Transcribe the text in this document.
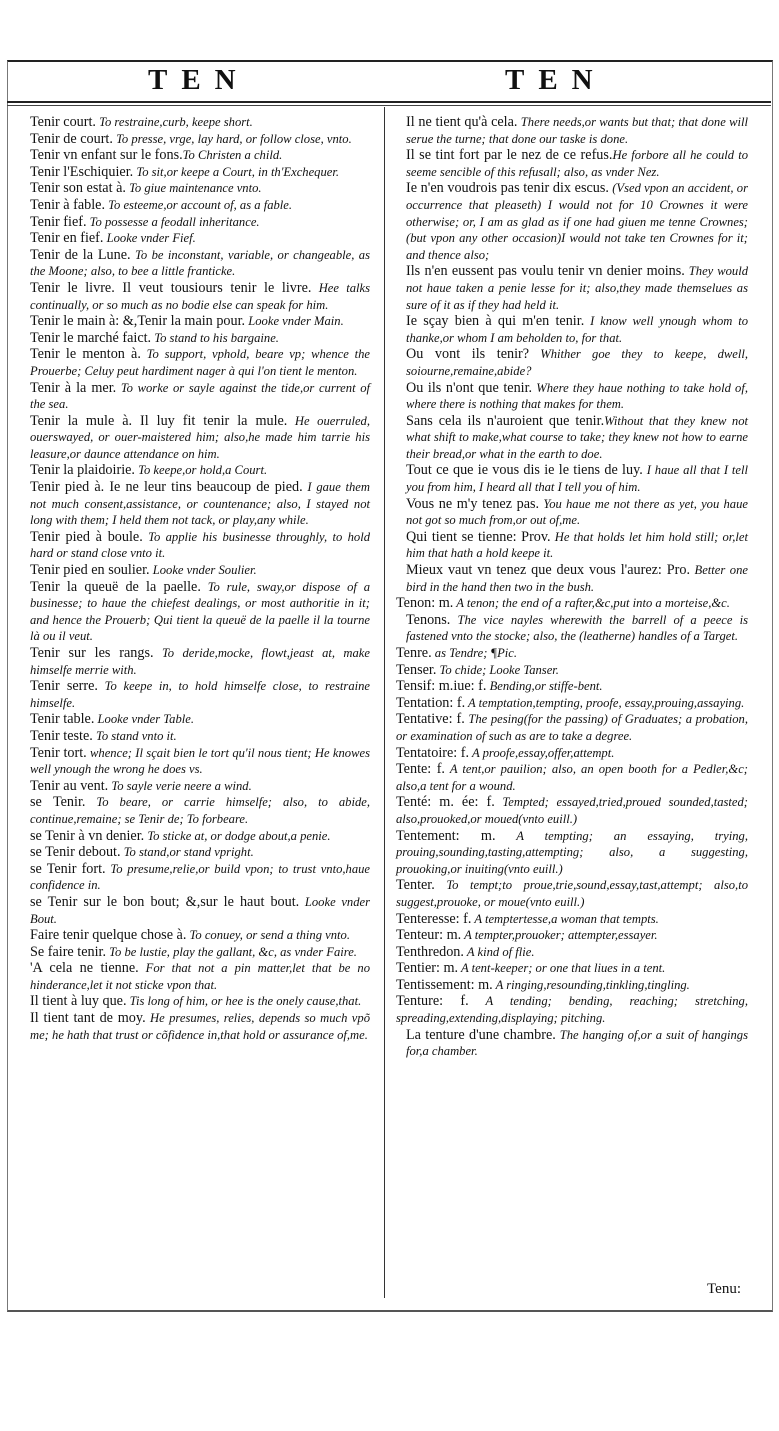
TEN	TEN

Tenir court. To restraine,curb, keepe short.

Tenir de court. To presse, vrge, lay hard, or follow close, vnto.

Tenir vn enfant sur le fons.To Christen a child.

Tenir l'Eschiquier. To sit,or keepe a Court, in th'Exchequer.

Tenir son estat à. To giue maintenance vnto.

Tenir à fable. To esteeme,or account of, as a fable.

Tenir fief. To possesse a feodall inheritance.

Tenir en fief. Looke vnder Fief.

Tenir de la Lune. To be inconstant, variable, or changeable, as the Moone; also, to bee a little franticke.

Tenir le livre. Il veut tousiours tenir le livre. Hee talks continually, or so much as no bodie else can speak for him.

Tenir le main à: &,Tenir la main pour. Looke vnder Main.

Tenir le marché faict. To stand to his bargaine.

Tenir le menton à. To support, vphold, beare vp; whence the Prouerbe; Celuy peut hardiment nager à qui l'on tient le menton.

Tenir à la mer. To worke or sayle against the tide,or current of the sea.

Tenir la mule à. Il luy fit tenir la mule. He ouerruled, ouerswayed, or ouer-maistered him; also,he made him tarrie his leasure,or daunce attendance on him.

Tenir la plaidoirie. To keepe,or hold,a Court.

Tenir pied à. Ie ne leur tins beaucoup de pied. I gaue them not much consent,assistance, or countenance; also, I stayed not long with them; I held them not tack, or play,any while.

Tenir pied à boule. To applie his businesse throughly, to hold hard or stand close vnto it.

Tenir pied en soulier. Looke vnder Soulier.

Tenir la queuë de la paelle. To rule, sway,or dispose of a businesse; to haue the chiefest dealings, or most authoritie in it; and hence the Prouerb; Qui tient la queuë de la paelle il la tourne là ou il veut.

Tenir sur les rangs. To deride,mocke, flowt,jeast at, make himselfe merrie with.

Tenir serre. To keepe in, to hold himselfe close, to restraine himselfe.

Tenir table. Looke vnder Table.

Tenir teste. To stand vnto it.

Tenir tort. whence; Il sçait bien le tort qu'il nous tient; He knowes well ynough the wrong he does vs.

Tenir au vent. To sayle verie neere a wind.

se Tenir. To beare, or carrie himselfe; also, to abide, continue,remaine; se Tenir de; To forbeare.

se Tenir à vn denier. To sticke at, or dodge about,a penie.

se Tenir debout. To stand,or stand vpright.

se Tenir fort. To presume,relie,or build vpon; to trust vnto,haue confidence in.

se Tenir sur le bon bout; &,sur le haut bout. Looke vnder Bout.

Faire tenir quelque chose à. To conuey, or send a thing vnto.

Se faire tenir. To be lustie, play the gallant, &c, as vnder Faire.

'A cela ne tienne. For that not a pin matter,let that be no hinderance,let it not sticke vpon that.

Il tient à luy que. Tis long of him, or hee is the onely cause,that.

Il tient tant de moy. He presumes, relies, depends so much vpõ me; he hath that trust or cõfidence in,that hold or assurance of,me.

Il ne tient qu'à cela. There needs,or wants but that; that done will serue the turne; that done our taske is done.

Il se tint fort par le nez de ce refus.He forbore all he could to seeme sencible of this refusall; also, as vnder Nez.

Ie n'en voudrois pas tenir dix escus. (Vsed vpon an accident, or occurrence that pleaseth) I would not for 10 Crownes it were otherwise; or, I am as glad as if one had giuen me tenne Crownes; (but vpon any other occasion)I would not take ten Crownes for it; and thence also;

Ils n'en eussent pas voulu tenir vn denier moins. They would not haue taken a penie lesse for it; also,they made themselues as sure of it as if they had held it.

Ie sçay bien à qui m'en tenir. I know well ynough whom to thanke,or whom I am beholden to, for that.

Ou vont ils tenir? Whither goe they to keepe, dwell, soiourne,remaine,abide?

Ou ils n'ont que tenir. Where they haue nothing to take hold of, where there is nothing that makes for them.

Sans cela ils n'auroient que tenir.Without that they knew not what shift to make,what course to take; they knew not how to earne their bread,or what in the earth to doe.

Tout ce que ie vous dis ie le tiens de luy. I haue all that I tell you from him, I heard all that I tell you of him.

Vous ne m'y tenez pas. You haue me not there as yet, you haue not got so much from,or out of,me.

Qui tient se tienne: Prov. He that holds let him hold still; or,let him that hath a hold keepe it.

Mieux vaut vn tenez que deux vous l'aurez: Pro. Better one bird in the hand then two in the bush.

Tenon: m. A tenon; the end of a rafter,&c,put into a morteise,&c.

Tenons. The vice nayles wherewith the barrell of a peece is fastened vnto the stocke; also, the (leatherne) handles of a Target.

Tenre. as Tendre; ¶Pic.

Tenser. To chide; Looke Tanser.

Tensif: m.iue: f. Bending,or stiffe-bent.

Tentation: f. A temptation,tempting, proofe, essay,prouing,assaying.

Tentative: f. The pesing(for the passing) of Graduates; a probation, or examination of such as are to take a degree.

Tentatoire: f. A proofe,essay,offer,attempt.

Tente: f. A tent,or pauilion; also, an open booth for a Pedler,&c; also,a tent for a wound.

Tenté: m. ée: f. Tempted; essayed,tried,proued sounded,tasted; also,prouoked,or moued(vnto euill.)

Tentement: m. A tempting; an essaying, trying, prouing,sounding,tasting,attempting; also, a suggesting, prouoking,or inuiting(vnto euill.)

Tenter. To tempt;to proue,trie,sound,essay,tast,attempt; also,to suggest,prouoke, or moue(vnto euill.)

Tenteresse: f. A temptertesse,a woman that tempts.

Tenteur: m. A tempter,prouoker; attempter,essayer.

Tenthredon. A kind of flie.

Tentier: m. A tent-keeper; or one that liues in a tent.

Tentissement: m. A ringing,resounding,tinkling,tingling.

Tenture: f. A tending; bending, reaching; stretching, spreading,extending,displaying; pitching.

La tenture d'une chambre. The hanging of,or a suit of hangings for,a chamber.

Tenu:
